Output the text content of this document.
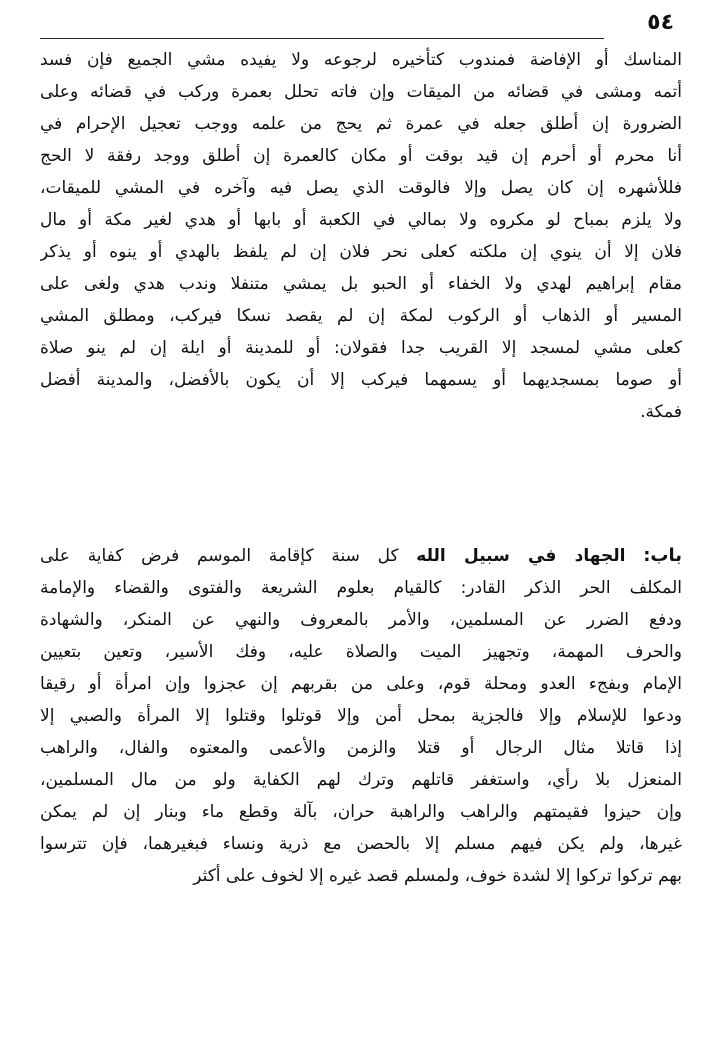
٥٤
المناسك أو الإفاضة فمندوب كتأخيره لرجوعه ولا يفيده مشي الجميع فإن فسد
أتمه ومشى في قضائه من الميقات وإن فاته تحلل بعمرة وركب في قضائه وعلى
الضرورة إن أطلق جعله في عمرة ثم يحج من علمه ووجب تعجيل الإحرام في
أنا محرم أو أحرم إن قيد بوقت أو مكان كالعمرة إن أطلق ووجد رفقة لا الحج
فللأشهره إن كان يصل وإلا فالوقت الذي يصل فيه وآخره في المشي للميقات،
ولا يلزم بمباح لو مكروه ولا بمالي في الكعبة أو بابها أو هدي لغير مكة أو مال
فلان إلا أن ينوي إن ملكته كعلى نحر فلان إن لم يلفظ بالهدي أو ينوه أو يذكر
مقام إبراهيم لهدي ولا الخفاء أو الحبو بل يمشي متنفلا وندب هدي ولغى على
المسير أو الذهاب أو الركوب لمكة إن لم يقصد نسكا فيركب، ومطلق المشي
كعلى مشي لمسجد إلا القريب جدا فقولان: أو للمدينة أو ايلة إن لم ينو صلاة
أو صوما بمسجديهما أو يسمهما فيركب إلا أن يكون بالأفضل، والمدينة أفضل
فمكة.
باب: الجهاد في سبيل الله كل سنة كإقامة الموسم فرض كفاية على
المكلف الحر الذكر القادر: كالقيام بعلوم الشريعة والفتوى والقضاء والإمامة
ودفع الضرر عن المسلمين، والأمر بالمعروف والنهي عن المنكر، والشهادة
والحرف المهمة، وتجهيز الميت والصلاة عليه، وفك الأسير، وتعين بتعيين
الإمام وبفجء العدو ومحلة قوم، وعلى من بقربهم إن عجزوا وإن امرأة أو رقيقا
ودعوا للإسلام وإلا فالجزية بمحل أمن وإلا قوتلوا وقتلوا إلا المرأة والصبي إلا
إذا قاتلا مثال الرجال أو قتلا والزمن والأعمى والمعتوه والفال، والراهب
المنعزل بلا رأي، واستغفر قاتلهم وترك لهم الكفاية ولو من مال المسلمين،
وإن حيزوا فقيمتهم والراهب والراهبة حران، بآلة وقطع ماء وبنار إن لم يمكن
غيرها، ولم يكن فيهم مسلم إلا بالحصن مع ذرية ونساء فبغيرهما، فإن تترسوا
بهم تركوا تركوا إلا لشدة خوف، ولمسلم قصد غيره إلا لخوف على أكثر
